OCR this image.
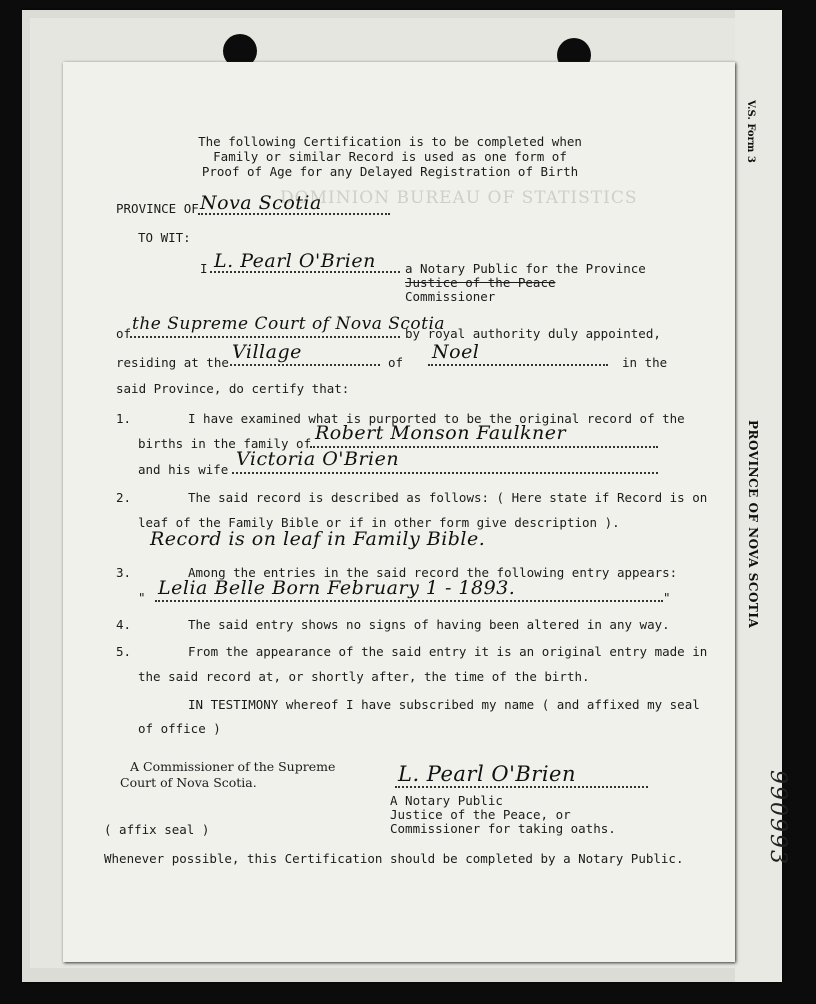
DOMINION BUREAU OF STATISTICS
The following Certification is to be completed when
Family or similar Record is used as one form of
Proof of Age for any Delayed Registration of Birth
PROVINCE OF Nova Scotia
TO WIT:
I L. Pearl O'Brien a Notary Public for the Province
Justice of the Peace
Commissioner
of the Supreme Court of Nova Scotia
by royal authority duly appointed,
residing at the Village	of Noel	in the
said Province, do certify that:
1.	I have examined what is purported to be the original record of the
births in the family of Robert Monson Faulkner
and his wife Victoria O'Brien
2.	The said record is described as follows: ( Here state if Record is on
leaf of the Family Bible or if in other form give description ).
Record is on leaf in Family Bible.
3.	Among the entries in the said record the following entry appears:
" Lelia Belle Born February 1 - 1893.	"
4.	The said entry shows no signs of having been altered in any way.
5.	From the appearance of the said entry it is an original entry made in
the said record at, or shortly after, the time of the birth.
IN TESTIMONY whereof I have subscribed my name ( and affixed my seal
of office )
A Commissioner of the Supreme
Court of Nova Scotia.	L. Pearl O'Brien
A Notary Public
Justice of the Peace, or
Commissioner for taking oaths.
( affix seal )
Whenever possible, this Certification should be completed by a Notary Public.
V.S. Form 3
PROVINCE OF NOVA SCOTIA
990993
